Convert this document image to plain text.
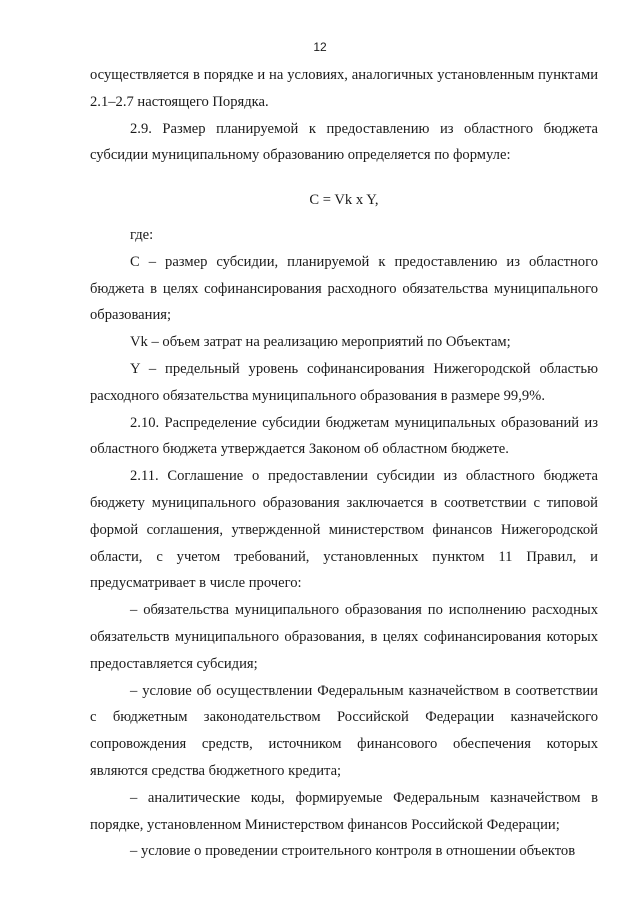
12

осуществляется в порядке и на условиях, аналогичных установленным пунктами 2.1–2.7 настоящего Порядка.

2.9. Размер планируемой к предоставлению из областного бюджета субсидии муниципальному образованию определяется по формуле:

C = Vk x Y,

где:

C – размер субсидии, планируемой к предоставлению из областного бюджета в целях софинансирования расходного обязательства муниципального образования;

Vk – объем затрат на реализацию мероприятий по Объектам;

Y – предельный уровень софинансирования Нижегородской областью расходного обязательства муниципального образования в размере 99,9%.

2.10. Распределение субсидии бюджетам муниципальных образований из областного бюджета утверждается Законом об областном бюджете.

2.11. Соглашение о предоставлении субсидии из областного бюджета бюджету муниципального образования заключается в соответствии с типовой формой соглашения, утвержденной министерством финансов Нижегородской области, с учетом требований, установленных пунктом 11 Правил, и предусматривает в числе прочего:

– обязательства муниципального образования по исполнению расходных обязательств муниципального образования, в целях софинансирования которых предоставляется субсидия;

– условие об осуществлении Федеральным казначейством в соответствии с бюджетным законодательством Российской Федерации казначейского сопровождения средств, источником финансового обеспечения которых являются средства бюджетного кредита;

– аналитические коды, формируемые Федеральным казначейством в порядке, установленном Министерством финансов Российской Федерации;

– условие о проведении строительного контроля в отношении объектов
